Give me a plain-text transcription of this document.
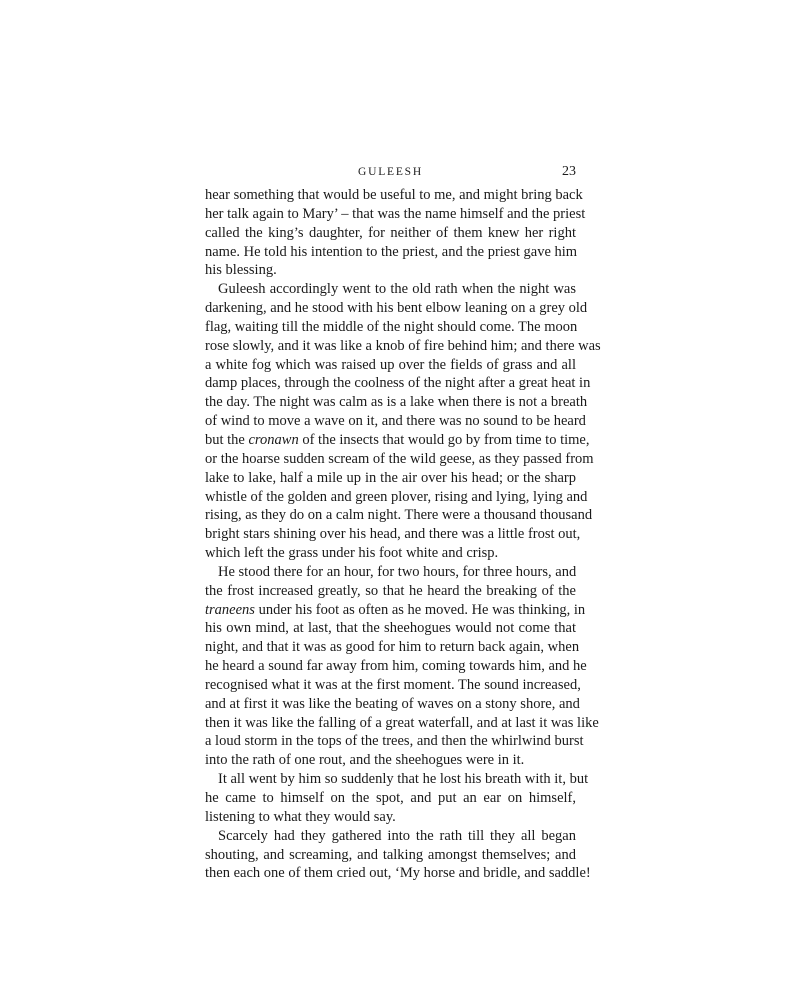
GULEESH	23
hear something that would be useful to me, and might bring back
her talk again to Mary’ – that was the name himself and the priest
called the king’s daughter, for neither of them knew her right
name. He told his intention to the priest, and the priest gave him
his blessing.
Guleesh accordingly went to the old rath when the night was
darkening, and he stood with his bent elbow leaning on a grey old
flag, waiting till the middle of the night should come. The moon
rose slowly, and it was like a knob of fire behind him; and there was
a white fog which was raised up over the fields of grass and all
damp places, through the coolness of the night after a great heat in
the day. The night was calm as is a lake when there is not a breath
of wind to move a wave on it, and there was no sound to be heard
but the cronawn of the insects that would go by from time to time,
or the hoarse sudden scream of the wild geese, as they passed from
lake to lake, half a mile up in the air over his head; or the sharp
whistle of the golden and green plover, rising and lying, lying and
rising, as they do on a calm night. There were a thousand thousand
bright stars shining over his head, and there was a little frost out,
which left the grass under his foot white and crisp.
He stood there for an hour, for two hours, for three hours, and
the frost increased greatly, so that he heard the breaking of the
traneens under his foot as often as he moved. He was thinking, in
his own mind, at last, that the sheehogues would not come that
night, and that it was as good for him to return back again, when
he heard a sound far away from him, coming towards him, and he
recognised what it was at the first moment. The sound increased,
and at first it was like the beating of waves on a stony shore, and
then it was like the falling of a great waterfall, and at last it was like
a loud storm in the tops of the trees, and then the whirlwind burst
into the rath of one rout, and the sheehogues were in it.
It all went by him so suddenly that he lost his breath with it, but
he came to himself on the spot, and put an ear on himself,
listening to what they would say.
Scarcely had they gathered into the rath till they all began
shouting, and screaming, and talking amongst themselves; and
then each one of them cried out, ‘My horse and bridle, and saddle!
